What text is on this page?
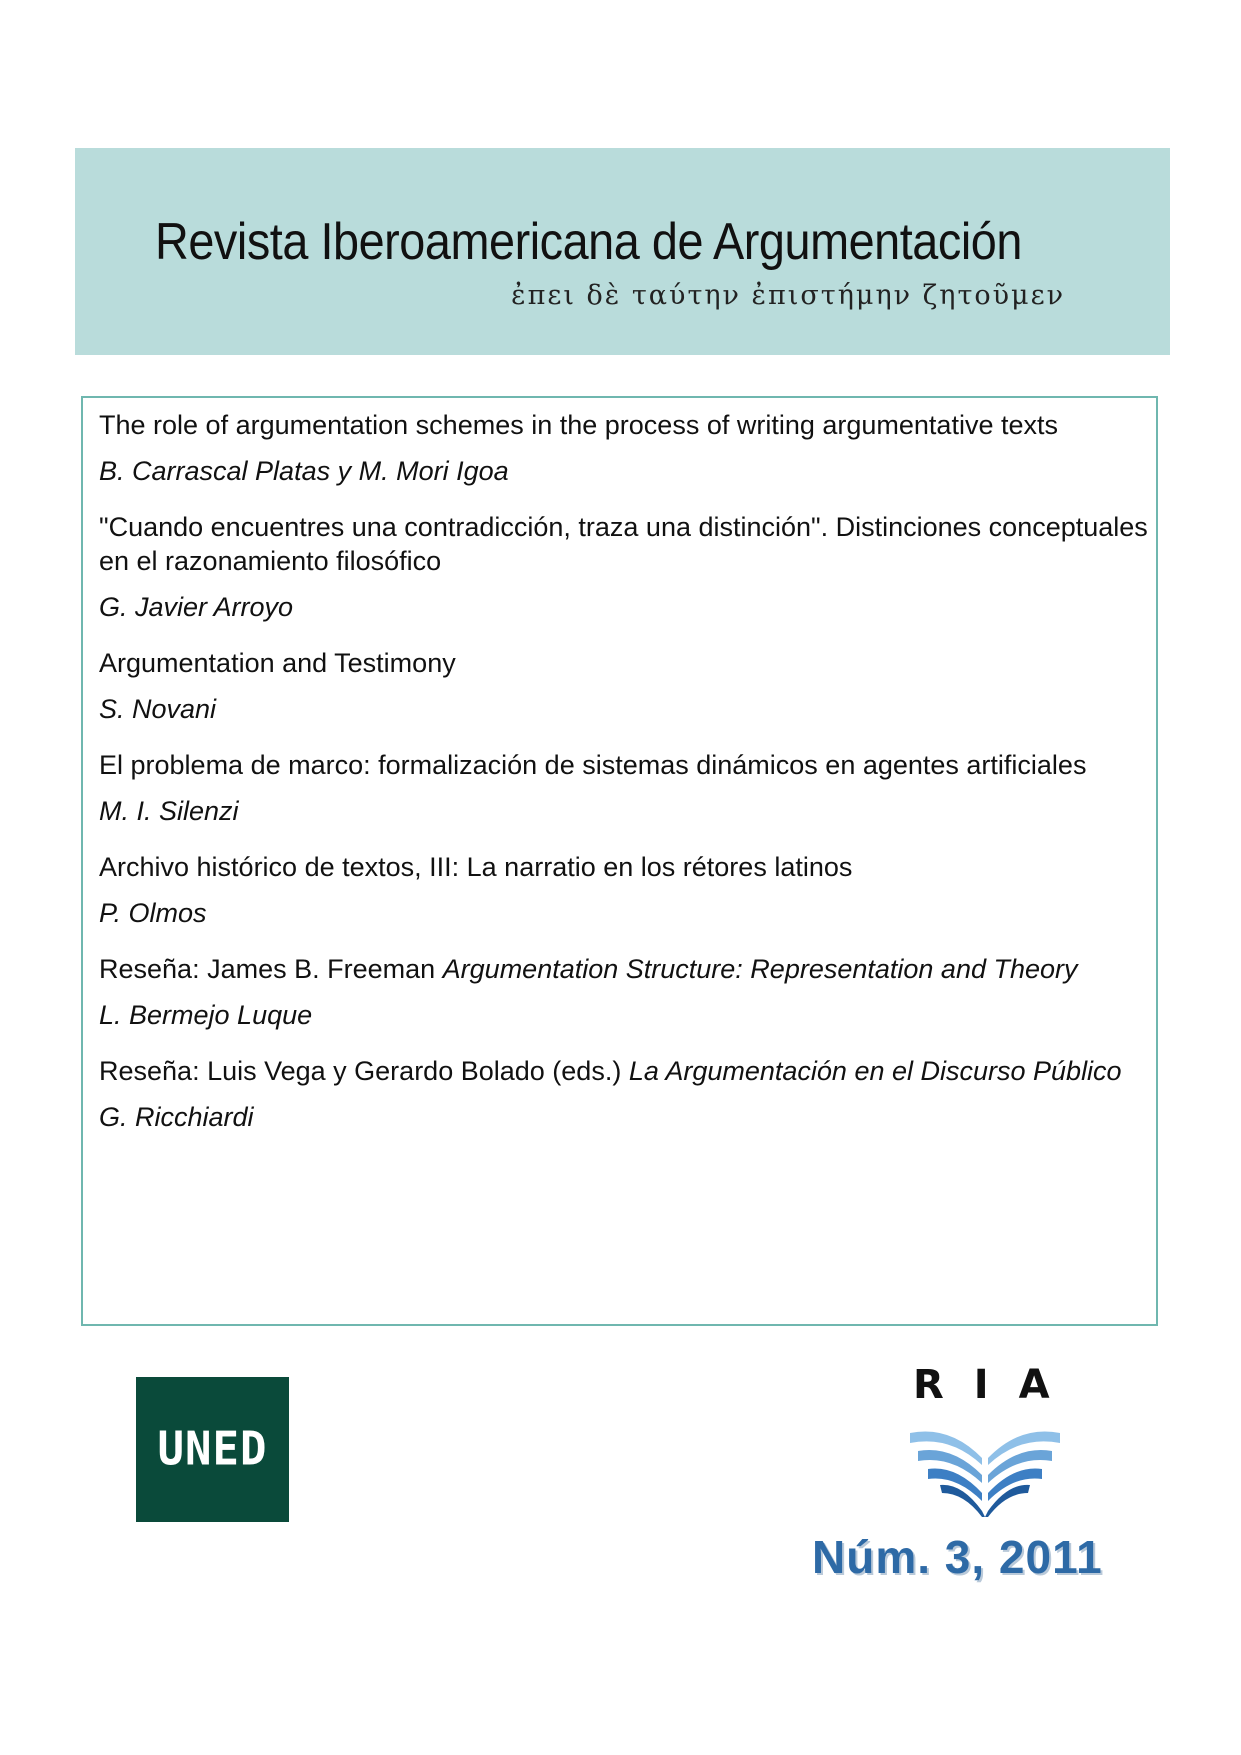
Revista Iberoamericana de Argumentación
ἐπει δὲ ταύτην ἐπιστήμην ζητοῦμεν

The role of argumentation schemes in the process of writing argumentative texts

B. Carrascal Platas y M. Mori Igoa

"Cuando encuentres una contradicción, traza una distinción". Distinciones conceptuales en el razonamiento filosófico

G. Javier Arroyo

Argumentation and Testimony

S. Novani

El problema de marco: formalización de sistemas dinámicos en agentes artificiales

M. I. Silenzi

Archivo histórico de textos, III: La narratio en los rétores latinos

P. Olmos

Reseña: James B. Freeman Argumentation Structure: Representation and Theory

L. Bermejo Luque

Reseña: Luis Vega y Gerardo Bolado (eds.) La Argumentación en el Discurso Público

G. Ricchiardi
UNED
RIA
Núm. 3, 2011
